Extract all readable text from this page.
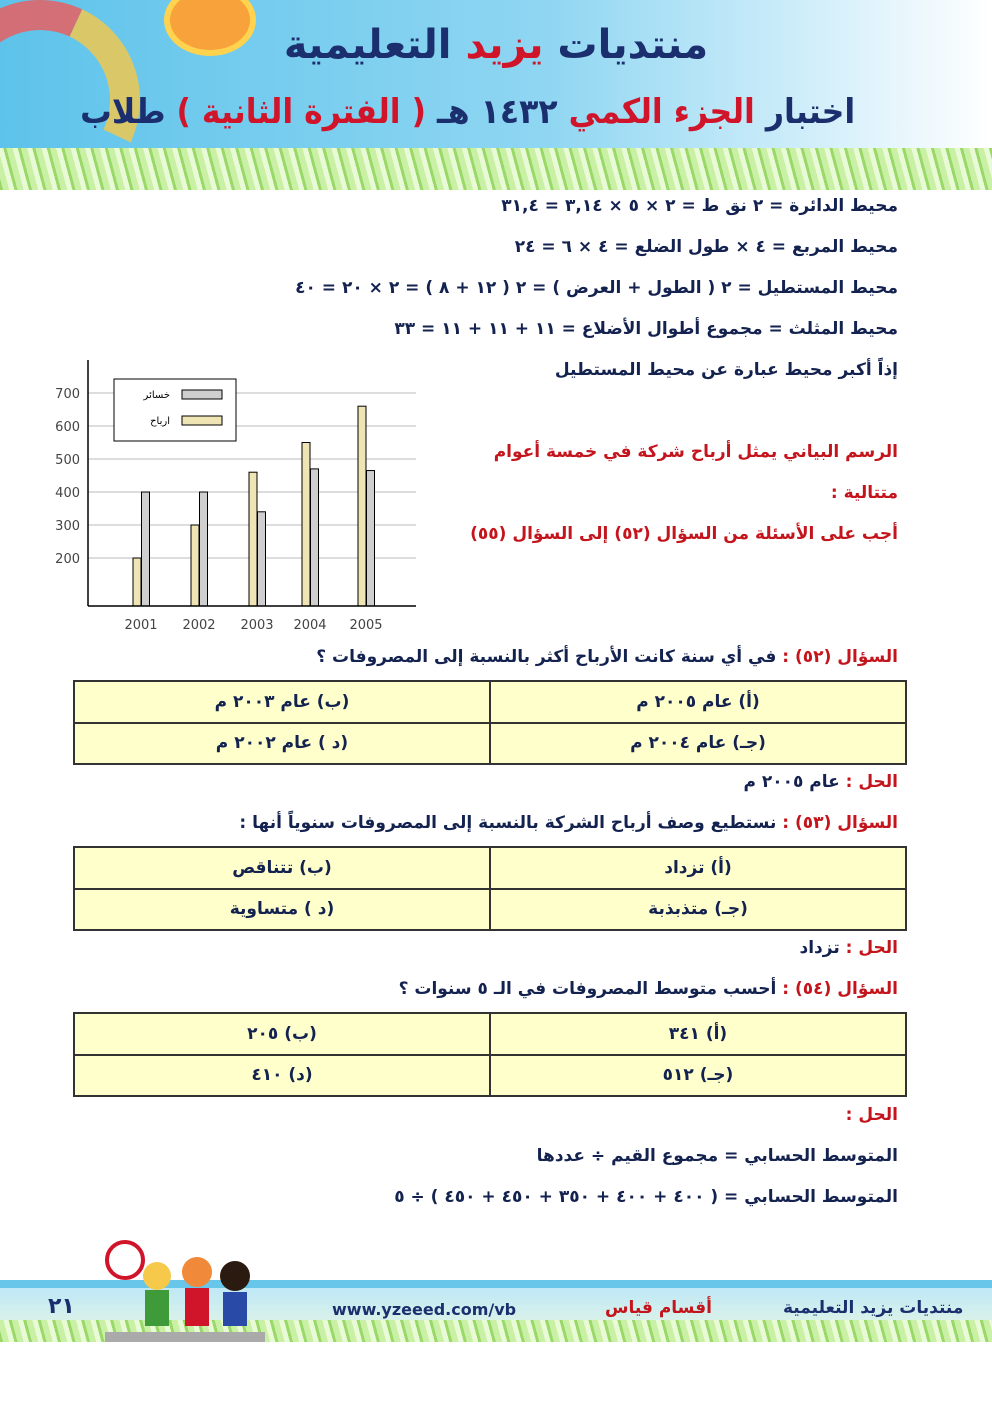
منتديات يزيد التعليمية
اختبار الجزء الكمي ١٤٣٢ هـ ( الفترة الثانية ) طلاب
محيط الدائرة = ٢ نق ط = ٢ × ٥ × ٣,١٤ = ٣١,٤
محيط المربع = ٤ × طول الضلع = ٤ × ٦ = ٢٤
محيط المستطيل = ٢ ( الطول + العرض ) = ٢ ( ١٢ + ٨ ) = ٢ × ٢٠ = ٤٠
محيط المثلث = مجموع أطوال الأضلاع = ١١ + ١١ + ١١ = ٣٣
إذاً أكبر محيط عبارة عن محيط المستطيل
الرسم البياني يمثل أرباح شركة في خمسة أعوام
متتالية :
أجب على الأسئلة من السؤال (٥٢) إلى السؤال (٥٥)
200
300
400
500
600
700
2001 2002 2003 2004 2005
خسائر
ارباح
السؤال (٥٢) : في أي سنة كانت الأرباح أكثر بالنسبة إلى المصروفات ؟
(أ) عام ٢٠٠٥ م	(ب) عام ٢٠٠٣ م
(جـ) عام ٢٠٠٤ م	(د ) عام ٢٠٠٢ م
الحل : عام ٢٠٠٥ م
السؤال (٥٣) : نستطيع وصف أرباح الشركة بالنسبة إلى المصروفات سنوياً أنها :
(أ) تزداد	(ب) تتناقص
(جـ) متذبذبة	(د ) متساوية
الحل : تزداد
السؤال (٥٤) : أحسب متوسط المصروفات في الـ ٥ سنوات ؟
(أ) ٣٤١	(ب) ٢٠٥
(جـ) ٥١٢	(د) ٤١٠
الحل :
المتوسط الحسابي = مجموع القيم ÷ عددها
المتوسط الحسابي = ( ٤٠٠ + ٤٠٠ + ٣٥٠ + ٤٥٠ + ٤٥٠ ) ÷ ٥
٢١	www.yzeeed.com/vb	أقسام قياس	منتديات يزيد التعليمية
